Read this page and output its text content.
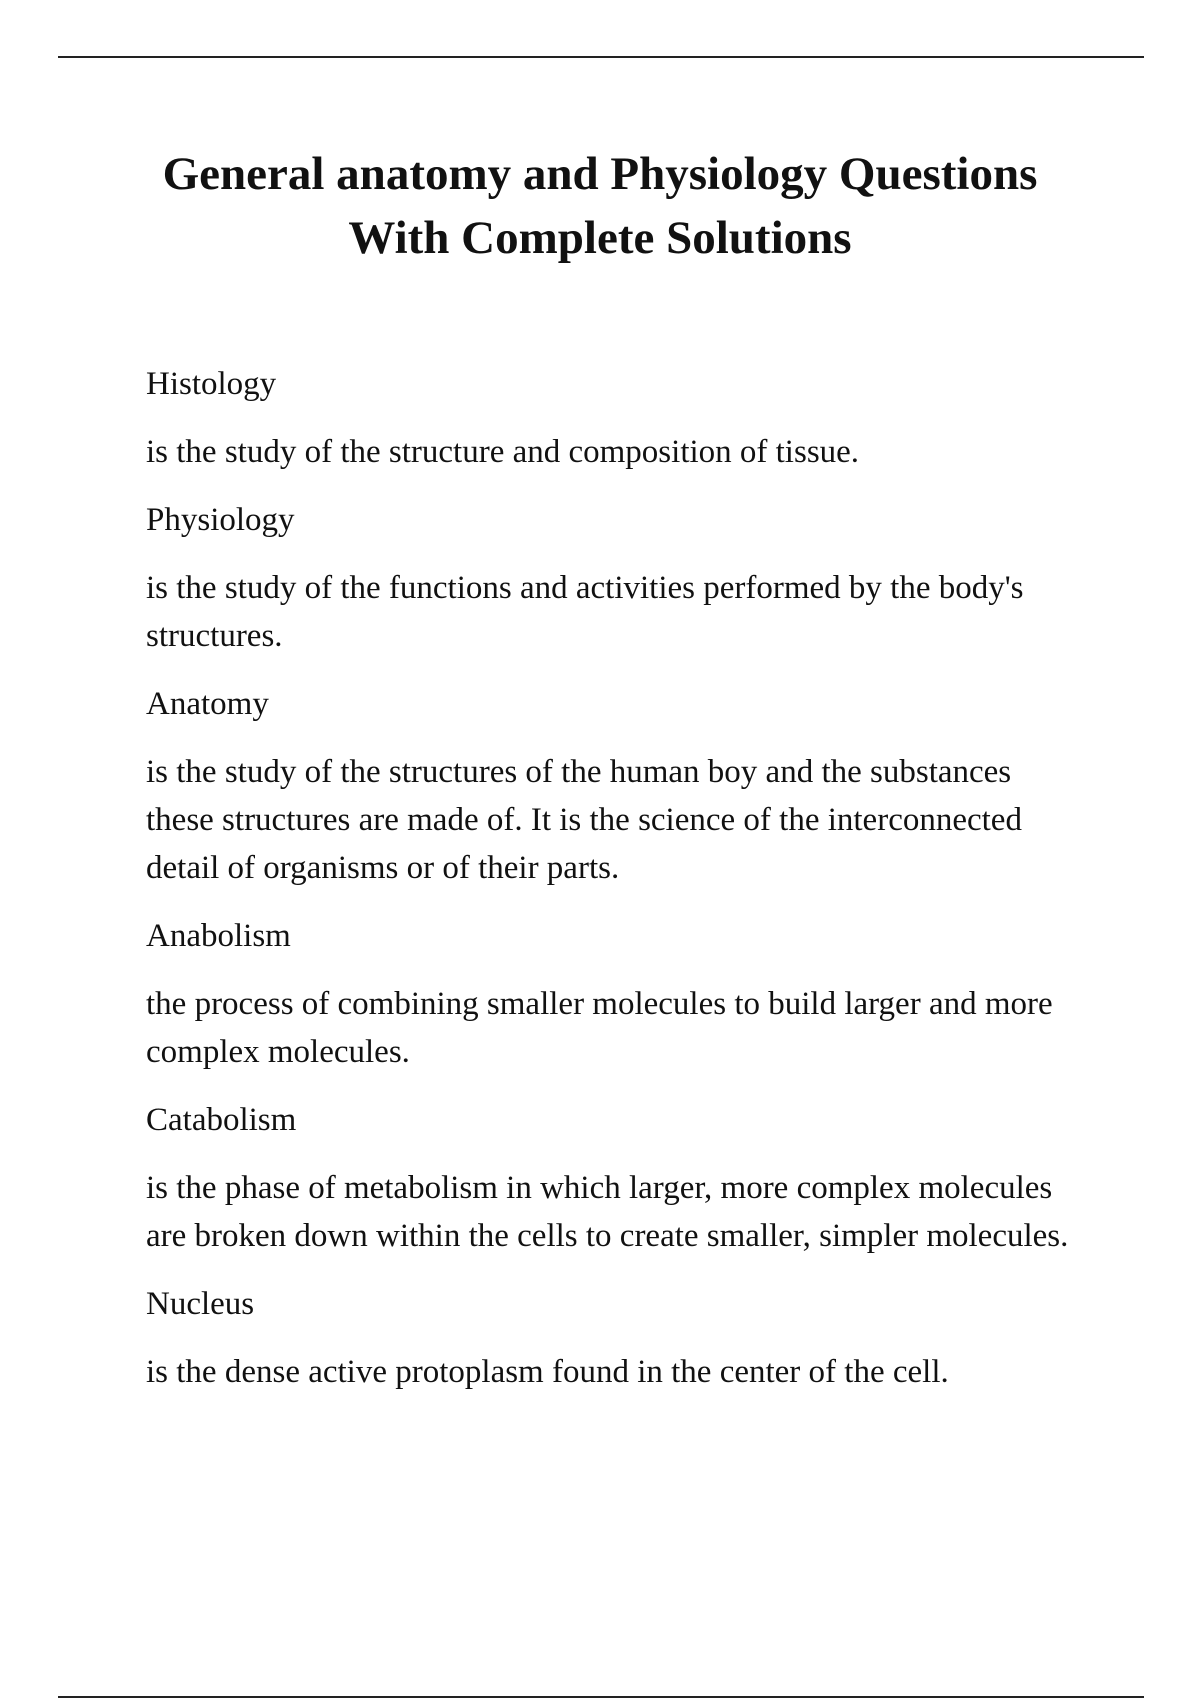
General anatomy and Physiology Questions
With Complete Solutions

Histology

is the study of the structure and composition of tissue.

Physiology

is the study of the functions and activities performed by the body's structures.

Anatomy

is the study of the structures of the human boy and the substances these structures are made of. It is the science of the interconnected detail of organisms or of their parts.

Anabolism

the process of combining smaller molecules to build larger and more complex molecules.

Catabolism

is the phase of metabolism in which larger, more complex molecules are broken down within the cells to create smaller, simpler molecules.

Nucleus

is the dense active protoplasm found in the center of the cell.
